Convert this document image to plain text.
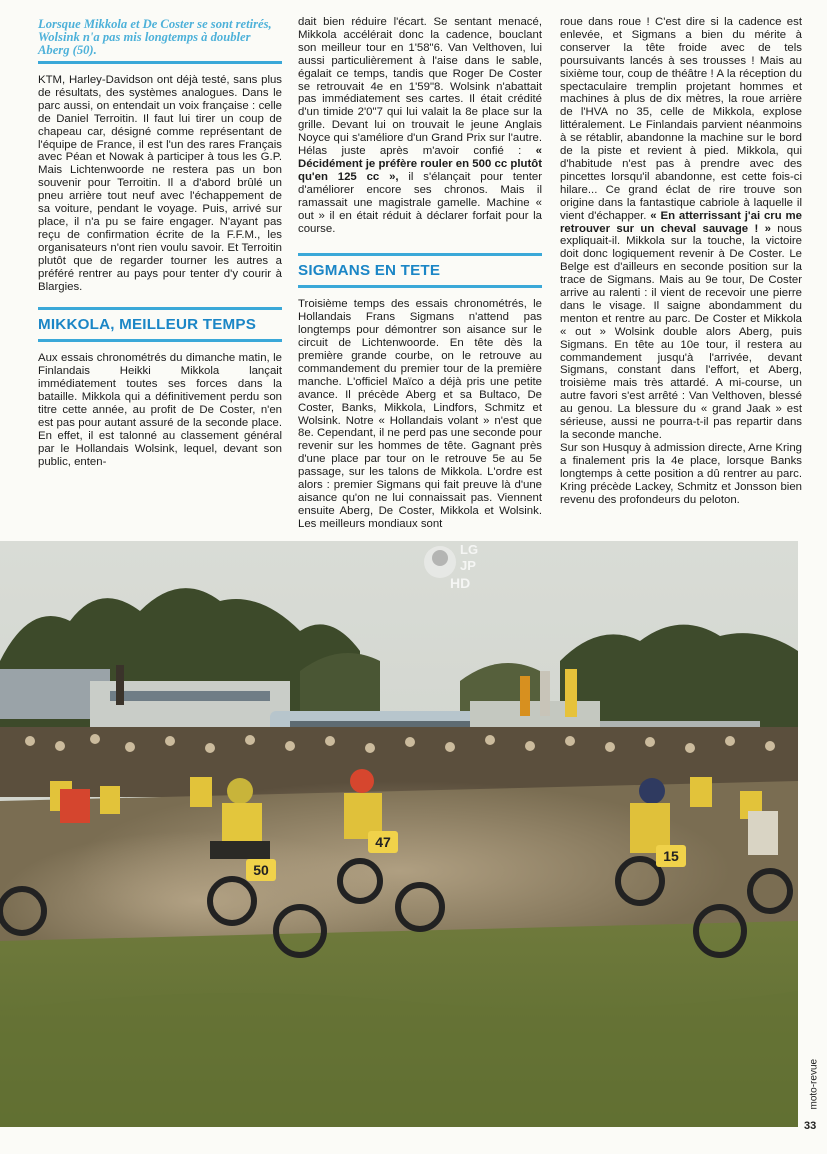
Lorsque Mikkola et De Coster se sont retirés, Wolsink n'a pas mis longtemps à doubler Aberg (50).

KTM, Harley-Davidson ont déjà testé, sans plus de résultats, des systèmes analogues. Dans le parc aussi, on entendait un voix française : celle de Daniel Terroitin. Il faut lui tirer un coup de chapeau car, désigné comme représentant de l'équipe de France, il est l'un des rares Français avec Péan et Nowak à participer à tous les G.P. Mais Lichtenwoorde ne restera pas un bon souvenir pour Terroitin. Il a d'abord brûlé un pneu arrière tout neuf avec l'échappement de sa voiture, pendant le voyage. Puis, arrivé sur place, il n'a pu se faire engager. N'ayant pas reçu de confirmation écrite de la F.F.M., les organisateurs n'ont rien voulu savoir. Et Terroitin plutôt que de regarder tourner les autres a préféré rentrer au pays pour tenter d'y courir à Blargies.

MIKKOLA, MEILLEUR TEMPS

Aux essais chronométrés du dimanche matin, le Finlandais Heikki Mikkola lançait immédiatement toutes ses forces dans la bataille. Mikkola qui a définitivement perdu son titre cette année, au profit de De Coster, n'en est pas pour autant assuré de la seconde place. En effet, il est talonné au classement général par le Hollandais Wolsink, lequel, devant son public, enten-

dait bien réduire l'écart. Se sentant menacé, Mikkola accélérait donc la cadence, bouclant son meilleur tour en 1'58"6. Van Velthoven, lui aussi particulièrement à l'aise dans le sable, égalait ce temps, tandis que Roger De Coster se retrouvait 4e en 1'59"8. Wolsink n'abattait pas immédiatement ses cartes. Il était crédité d'un timide 2'0"7 qui lui valait la 8e place sur la grille. Devant lui on trouvait le jeune Anglais Noyce qui s'améliore d'un Grand Prix sur l'autre. Hélas juste après m'avoir confié : « Décidément je préfère rouler en 500 cc plutôt qu'en 125 cc », il s'élançait pour tenter d'améliorer encore ses chronos. Mais il ramassait une magistrale gamelle. Machine « out » il en était réduit à déclarer forfait pour la course.

SIGMANS EN TETE

Troisième temps des essais chronométrés, le Hollandais Frans Sigmans n'attend pas longtemps pour démontrer son aisance sur le circuit de Lichtenwoorde. En tête dès la première grande courbe, on le retrouve au commandement du premier tour de la première manche. L'officiel Maïco a déjà pris une petite avance. Il précède Aberg et sa Bultaco, De Coster, Banks, Mikkola, Lindfors, Schmitz et Wolsink. Notre « Hollandais volant » n'est que 8e. Cependant, il ne perd pas une seconde pour revenir sur les hommes de tête. Gagnant près d'une place par tour on le retrouve 5e au 5e passage, sur les talons de Mikkola. L'ordre est alors : premier Sigmans qui fait preuve là d'une aisance qu'on ne lui connaissait pas. Viennent ensuite Aberg, De Coster, Mikkola et Wolsink. Les meilleurs mondiaux sont

roue dans roue ! C'est dire si la cadence est enlevée, et Sigmans a bien du mérite à conserver la tête froide avec de tels poursuivants lancés à ses trousses ! Mais au sixième tour, coup de théâtre ! A la réception du spectaculaire tremplin projetant hommes et machines à plus de dix mètres, la roue arrière de l'HVA no 35, celle de Mikkola, explose littéralement. Le Finlandais parvient néanmoins à se rétablir, abandonne la machine sur le bord de la piste et revient à pied. Mikkola, qui d'habitude n'est pas à prendre avec des pincettes lorsqu'il abandonne, est cette fois-ci hilare... Ce grand éclat de rire trouve son origine dans la fantastique cabriole à laquelle il vient d'échapper. « En atterrissant j'ai cru me retrouver sur un cheval sauvage ! » nous expliquait-il. Mikkola sur la touche, la victoire doit donc logiquement revenir à De Coster. Le Belge est d'ailleurs en seconde position sur la trace de Sigmans. Mais au 9e tour, De Coster arrive au ralenti : il vient de recevoir une pierre dans le visage. Il saigne abondamment du menton et rentre au parc. De Coster et Mikkola « out » Wolsink double alors Aberg, puis Sigmans. En tête au 10e tour, il restera au commandement jusqu'à l'arrivée, devant Sigmans, constant dans l'effort, et Aberg, troisième mais très attardé. A mi-course, un autre favori s'est arrêté : Van Velthoven, blessé au genou. La blessure du « grand Jaak » est sérieuse, aussi ne pourra-t-il pas repartir dans la seconde manche.

Sur son Husquy à admission directe, Arne Kring a finalement pris la 4e place, lorsque Banks longtemps à cette position a dû rentrer au parc. Kring précède Lackey, Schmitz et Jonsson bien revenu des profondeurs du peloton.

50
47
15
LG
JP
HD
moto-revue
33
